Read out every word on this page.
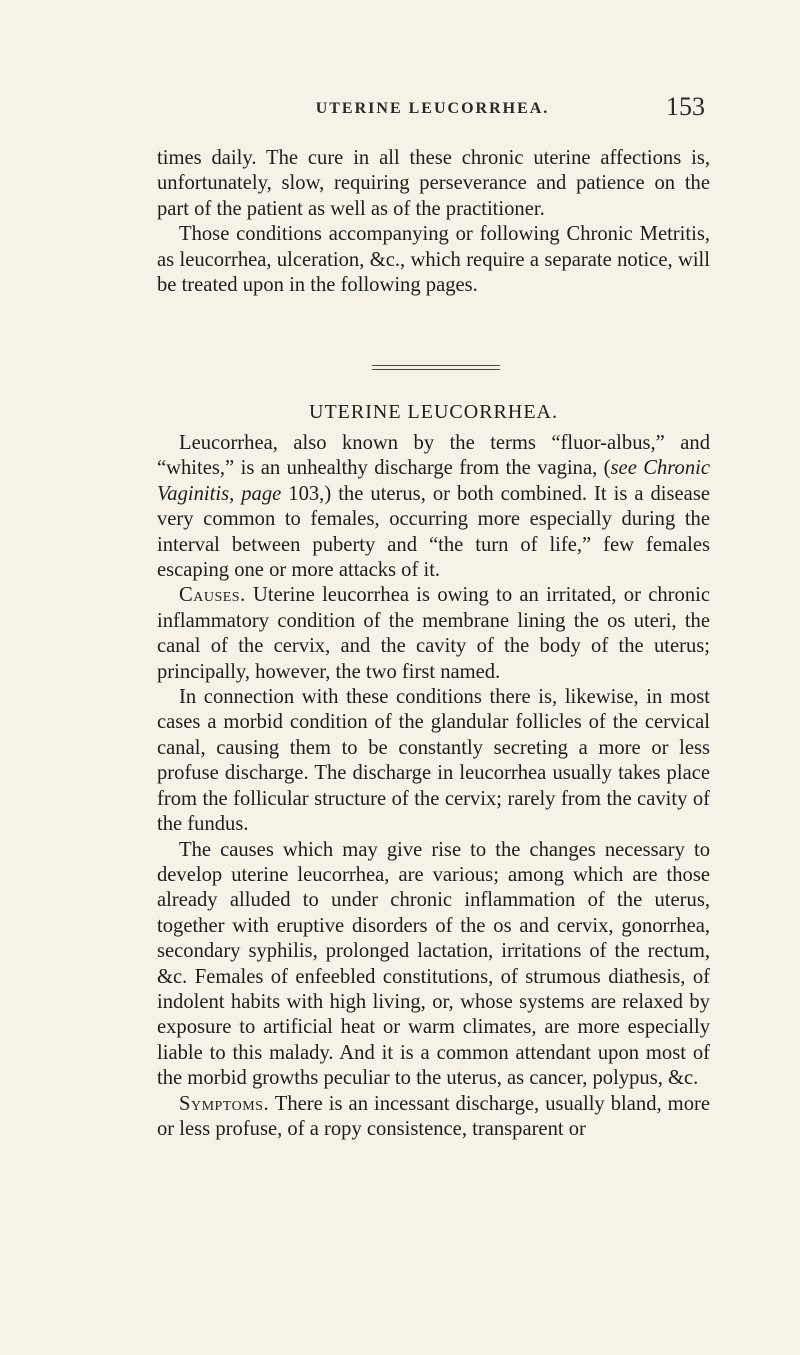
UTERINE LEUCORRHEA.	153

times daily. The cure in all these chronic uterine affections is, unfortunately, slow, requiring perseverance and patience on the part of the patient as well as of the practitioner.

Those conditions accompanying or following Chronic Metritis, as leucorrhea, ulceration, &c., which require a separate notice, will be treated upon in the following pages.

UTERINE LEUCORRHEA.

Leucorrhea, also known by the terms “fluor-albus,” and “whites,” is an unhealthy discharge from the vagina, (see Chronic Vaginitis, page 103,) the uterus, or both combined. It is a disease very common to females, occurring more especially during the interval between puberty and “the turn of life,” few females escaping one or more attacks of it.

Causes. Uterine leucorrhea is owing to an irritated, or chronic inflammatory condition of the membrane lining the os uteri, the canal of the cervix, and the cavity of the body of the uterus; principally, however, the two first named.

In connection with these conditions there is, likewise, in most cases a morbid condition of the glandular follicles of the cervical canal, causing them to be constantly secreting a more or less profuse discharge. The discharge in leucorrhea usually takes place from the follicular structure of the cervix; rarely from the cavity of the fundus.

The causes which may give rise to the changes necessary to develop uterine leucorrhea, are various; among which are those already alluded to under chronic inflammation of the uterus, together with eruptive disorders of the os and cervix, gonorrhea, secondary syphilis, prolonged lactation, irritations of the rectum, &c. Females of enfeebled constitutions, of strumous diathesis, of indolent habits with high living, or, whose systems are relaxed by exposure to artificial heat or warm climates, are more especially liable to this malady. And it is a common attendant upon most of the morbid growths peculiar to the uterus, as cancer, polypus, &c.

Symptoms. There is an incessant discharge, usually bland, more or less profuse, of a ropy consistence, transparent or
